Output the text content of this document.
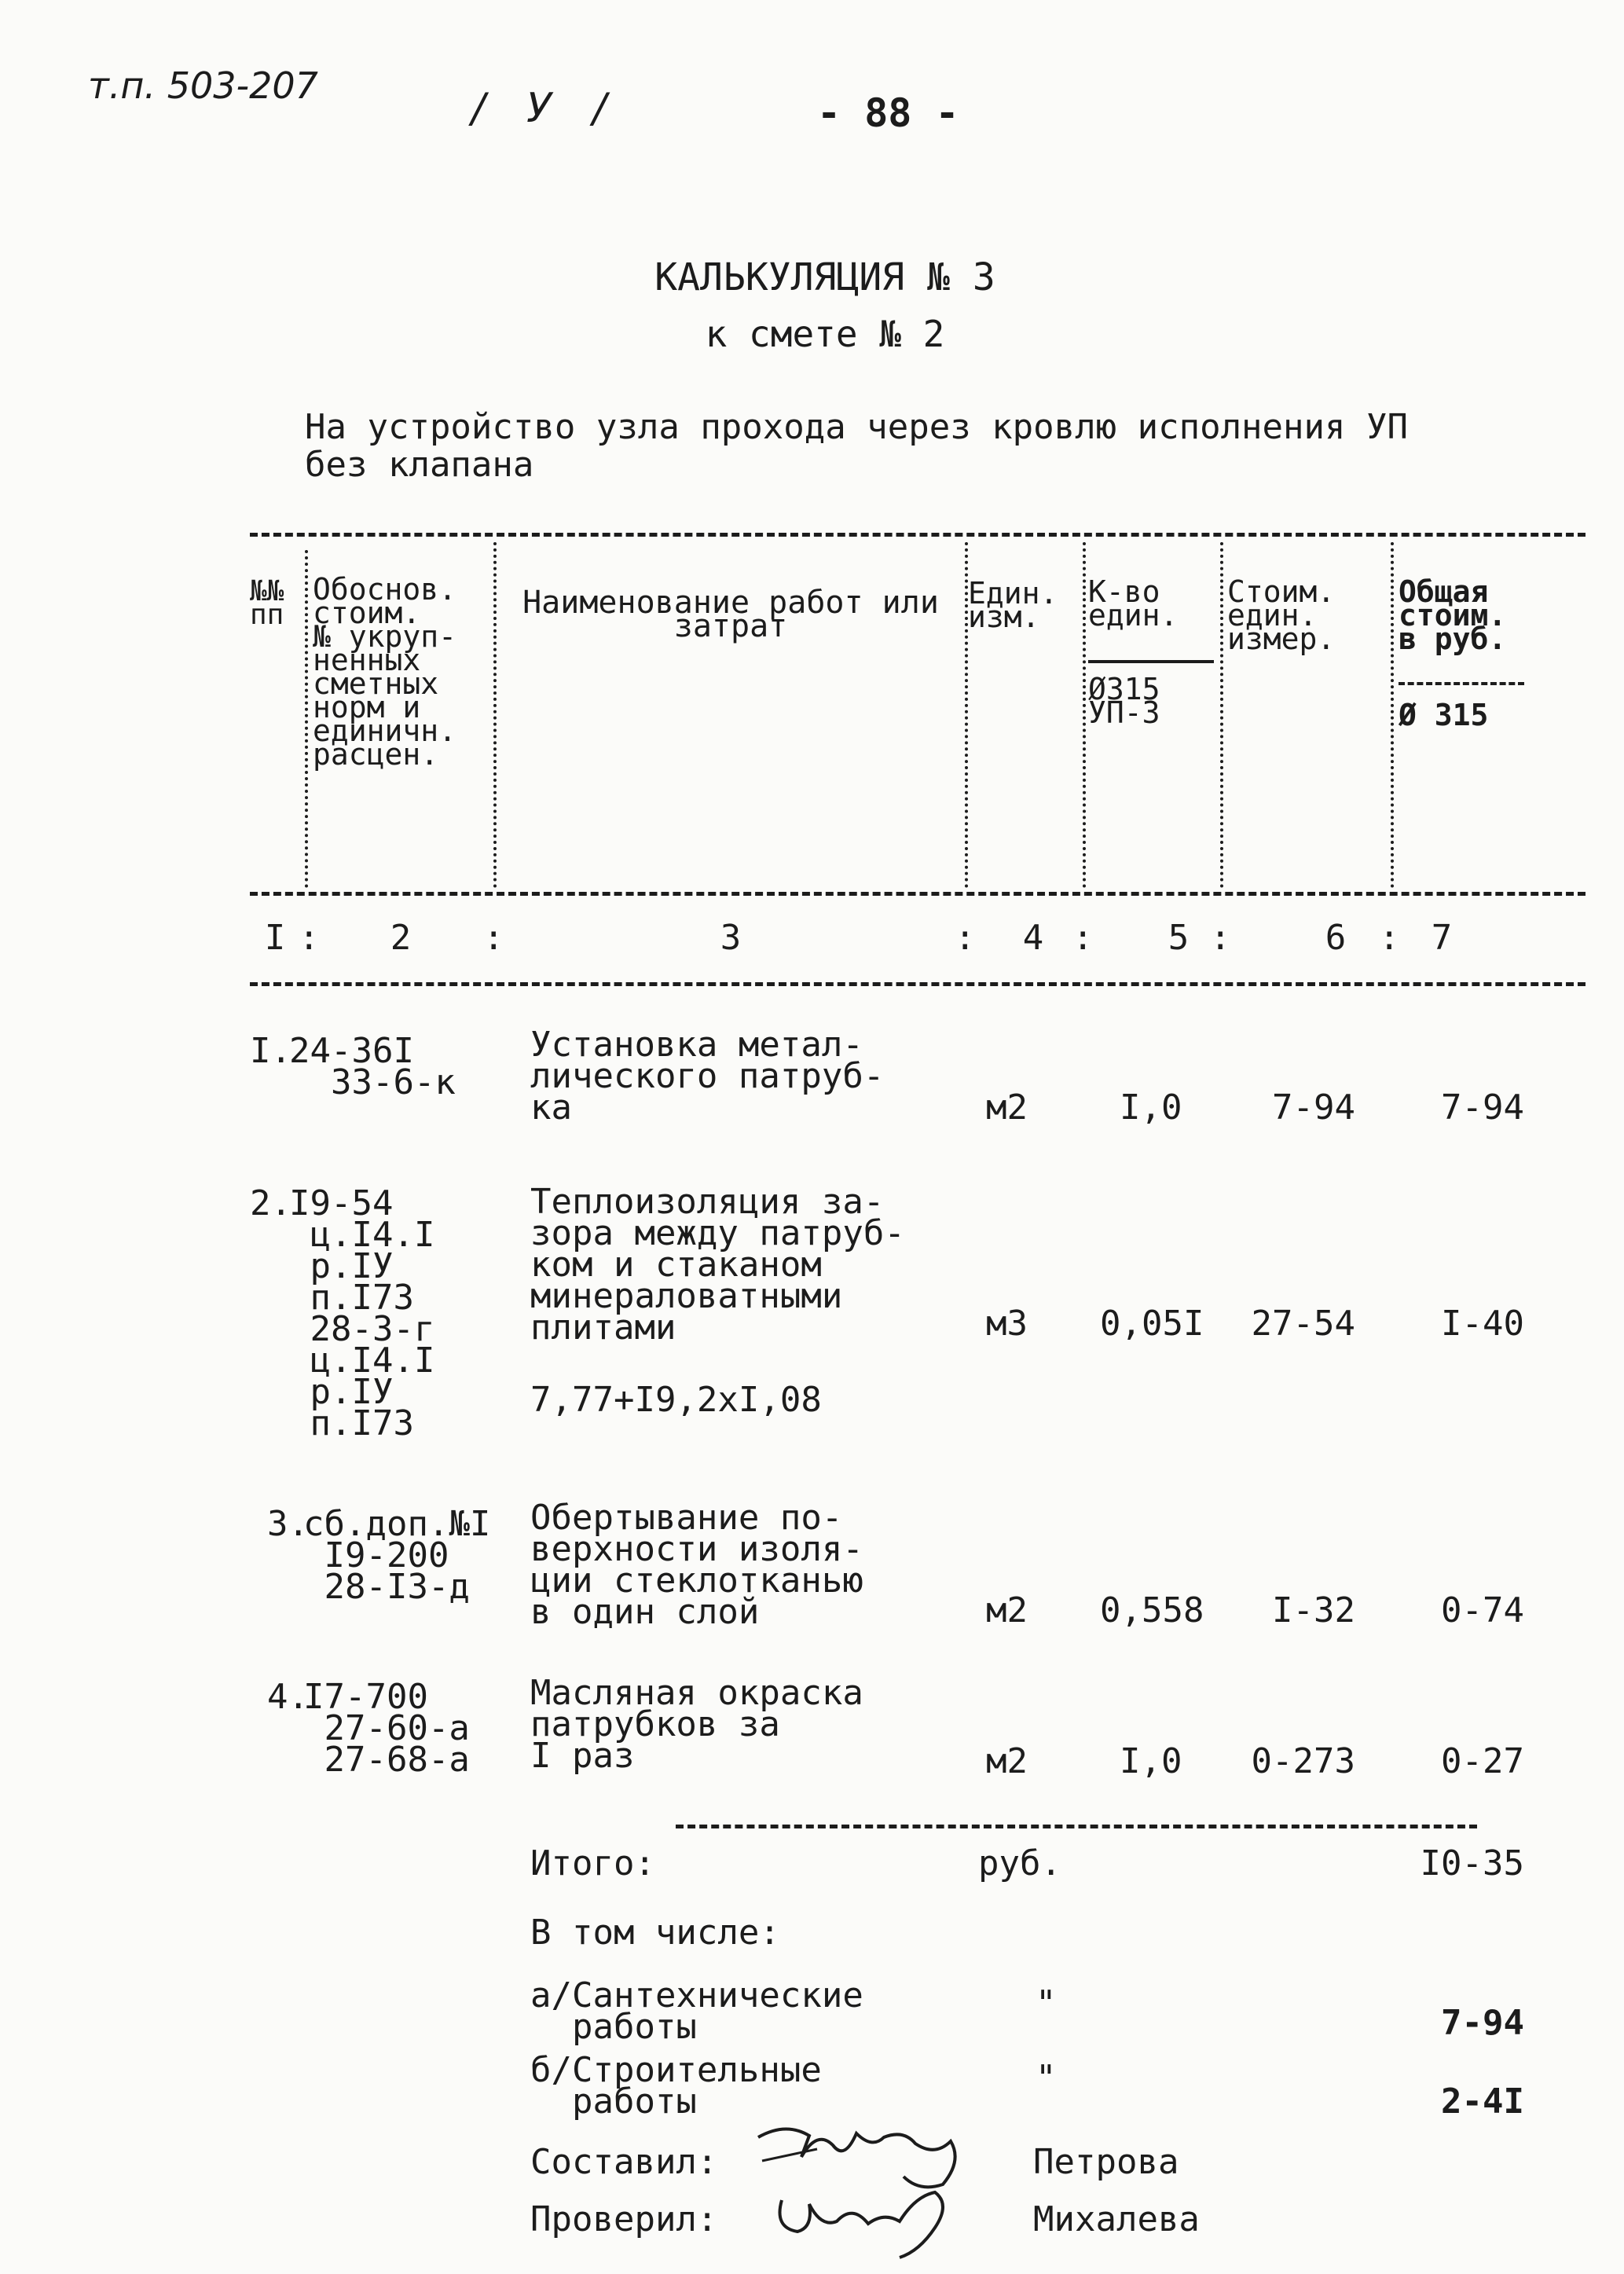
т.п. 503-207	/ У /	- 88 -
КАЛЬКУЛЯЦИЯ № 3
к смете № 2
На устройство узла прохода через кровлю исполнения УП
без клапана
№№
пп
Обоснов.
стоим.
№ укруп-
ненных
сметных
норм и
единичн.
расцен.
Наименование работ или
затрат
Един.
изм.
К-во
един.
Ø315
УП-3
Стоим.
един.
измер.
Общая
стоим.
в руб.
Ø 315
I : 2 :	3	: 4 : 5 :	6 : 7
I.
24-36I
33-6-к
Установка метал-
лического патруб-
ка	м2	I,0	7-94	7-94
2.
I9-54
ц.I4.I
р.IУ
п.I73
28-3-г
ц.I4.I
р.IУ
п.I73
Теплоизоляция за-
зора между патруб-
ком и стаканом
минераловатными
плитами
7,77+I9,2хI,08
м3 0,05I	27-54	I-40
3.
сб.доп.№I
I9-200
28-I3-д
Обертывание по-
верхности изоля-
ции стеклотканью
в один слой	м2 0,558	I-32	0-74
4.
I7-700
27-60-а
27-68-а
Масляная окраска
патрубков за
I раз	м2	I,0	0-273	0-27
Итого:	руб.	I0-35
В том числе:
а/Сантехнические
работы
"	7-94
б/Строительные
работы
"
2-4I
Составил:	Петрова
Проверил:	Михалева
